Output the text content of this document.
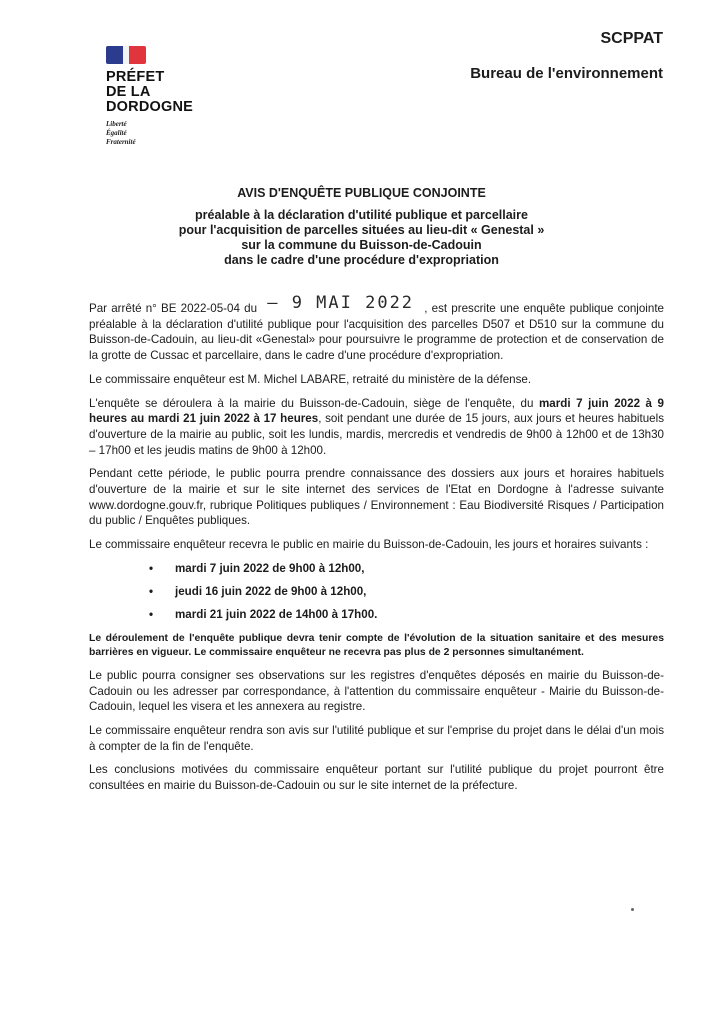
PRÉFET
DE LA
DORDOGNE
Liberté
Égalité
Fraternité
SCPPAT
Bureau de l'environnement
AVIS D'ENQUÊTE PUBLIQUE CONJOINTE
préalable à la déclaration d'utilité publique et parcellaire
pour l'acquisition de parcelles situées au lieu-dit « Genestal »
sur la commune du Buisson-de-Cadouin
dans le cadre d'une procédure d'expropriation

Par arrêté n° BE 2022-05-04 du – 9 MAI 2022 , est prescrite une enquête publique conjointe préalable à la déclaration d'utilité publique pour l'acquisition des parcelles D507 et D510 sur la commune du Buisson-de-Cadouin, au lieu-dit «Genestal» pour poursuivre le programme de protection et de conservation de la grotte de Cussac et parcellaire, dans le cadre d'une procédure d'expropriation.

Le commissaire enquêteur est M. Michel LABARE, retraité du ministère de la défense.

L'enquête se déroulera à la mairie du Buisson-de-Cadouin, siège de l'enquête, du mardi 7 juin 2022 à 9 heures au mardi 21 juin 2022 à 17 heures, soit pendant une durée de 15 jours, aux jours et heures habituels d'ouverture de la mairie au public, soit les lundis, mardis, mercredis et vendredis de 9h00 à 12h00 et de 13h30 – 17h00 et les jeudis matins de 9h00 à 12h00.

Pendant cette période, le public pourra prendre connaissance des dossiers aux jours et horaires habituels d'ouverture de la mairie et sur le site internet des services de l'Etat en Dordogne à l'adresse suivante www.dordogne.gouv.fr, rubrique Politiques publiques / Environnement : Eau Biodiversité Risques / Participation du public / Enquêtes publiques.

Le commissaire enquêteur recevra le public en mairie du Buisson-de-Cadouin, les jours et horaires suivants :

• mardi 7 juin 2022 de 9h00 à 12h00,
• jeudi 16 juin 2022 de 9h00 à 12h00,
• mardi 21 juin 2022 de 14h00 à 17h00.

Le déroulement de l'enquête publique devra tenir compte de l'évolution de la situation sanitaire et des mesures barrières en vigueur. Le commissaire enquêteur ne recevra pas plus de 2 personnes simultanément.

Le public pourra consigner ses observations sur les registres d'enquêtes déposés en mairie du Buisson-de-Cadouin ou les adresser par correspondance, à l'attention du commissaire enquêteur - Mairie du Buisson-de-Cadouin, lequel les visera et les annexera au registre.

Le commissaire enquêteur rendra son avis sur l'utilité publique et sur l'emprise du projet dans le délai d'un mois à compter de la fin de l'enquête.

Les conclusions motivées du commissaire enquêteur portant sur l'utilité publique du projet pourront être consultées en mairie du Buisson-de-Cadouin ou sur le site internet de la préfecture.
